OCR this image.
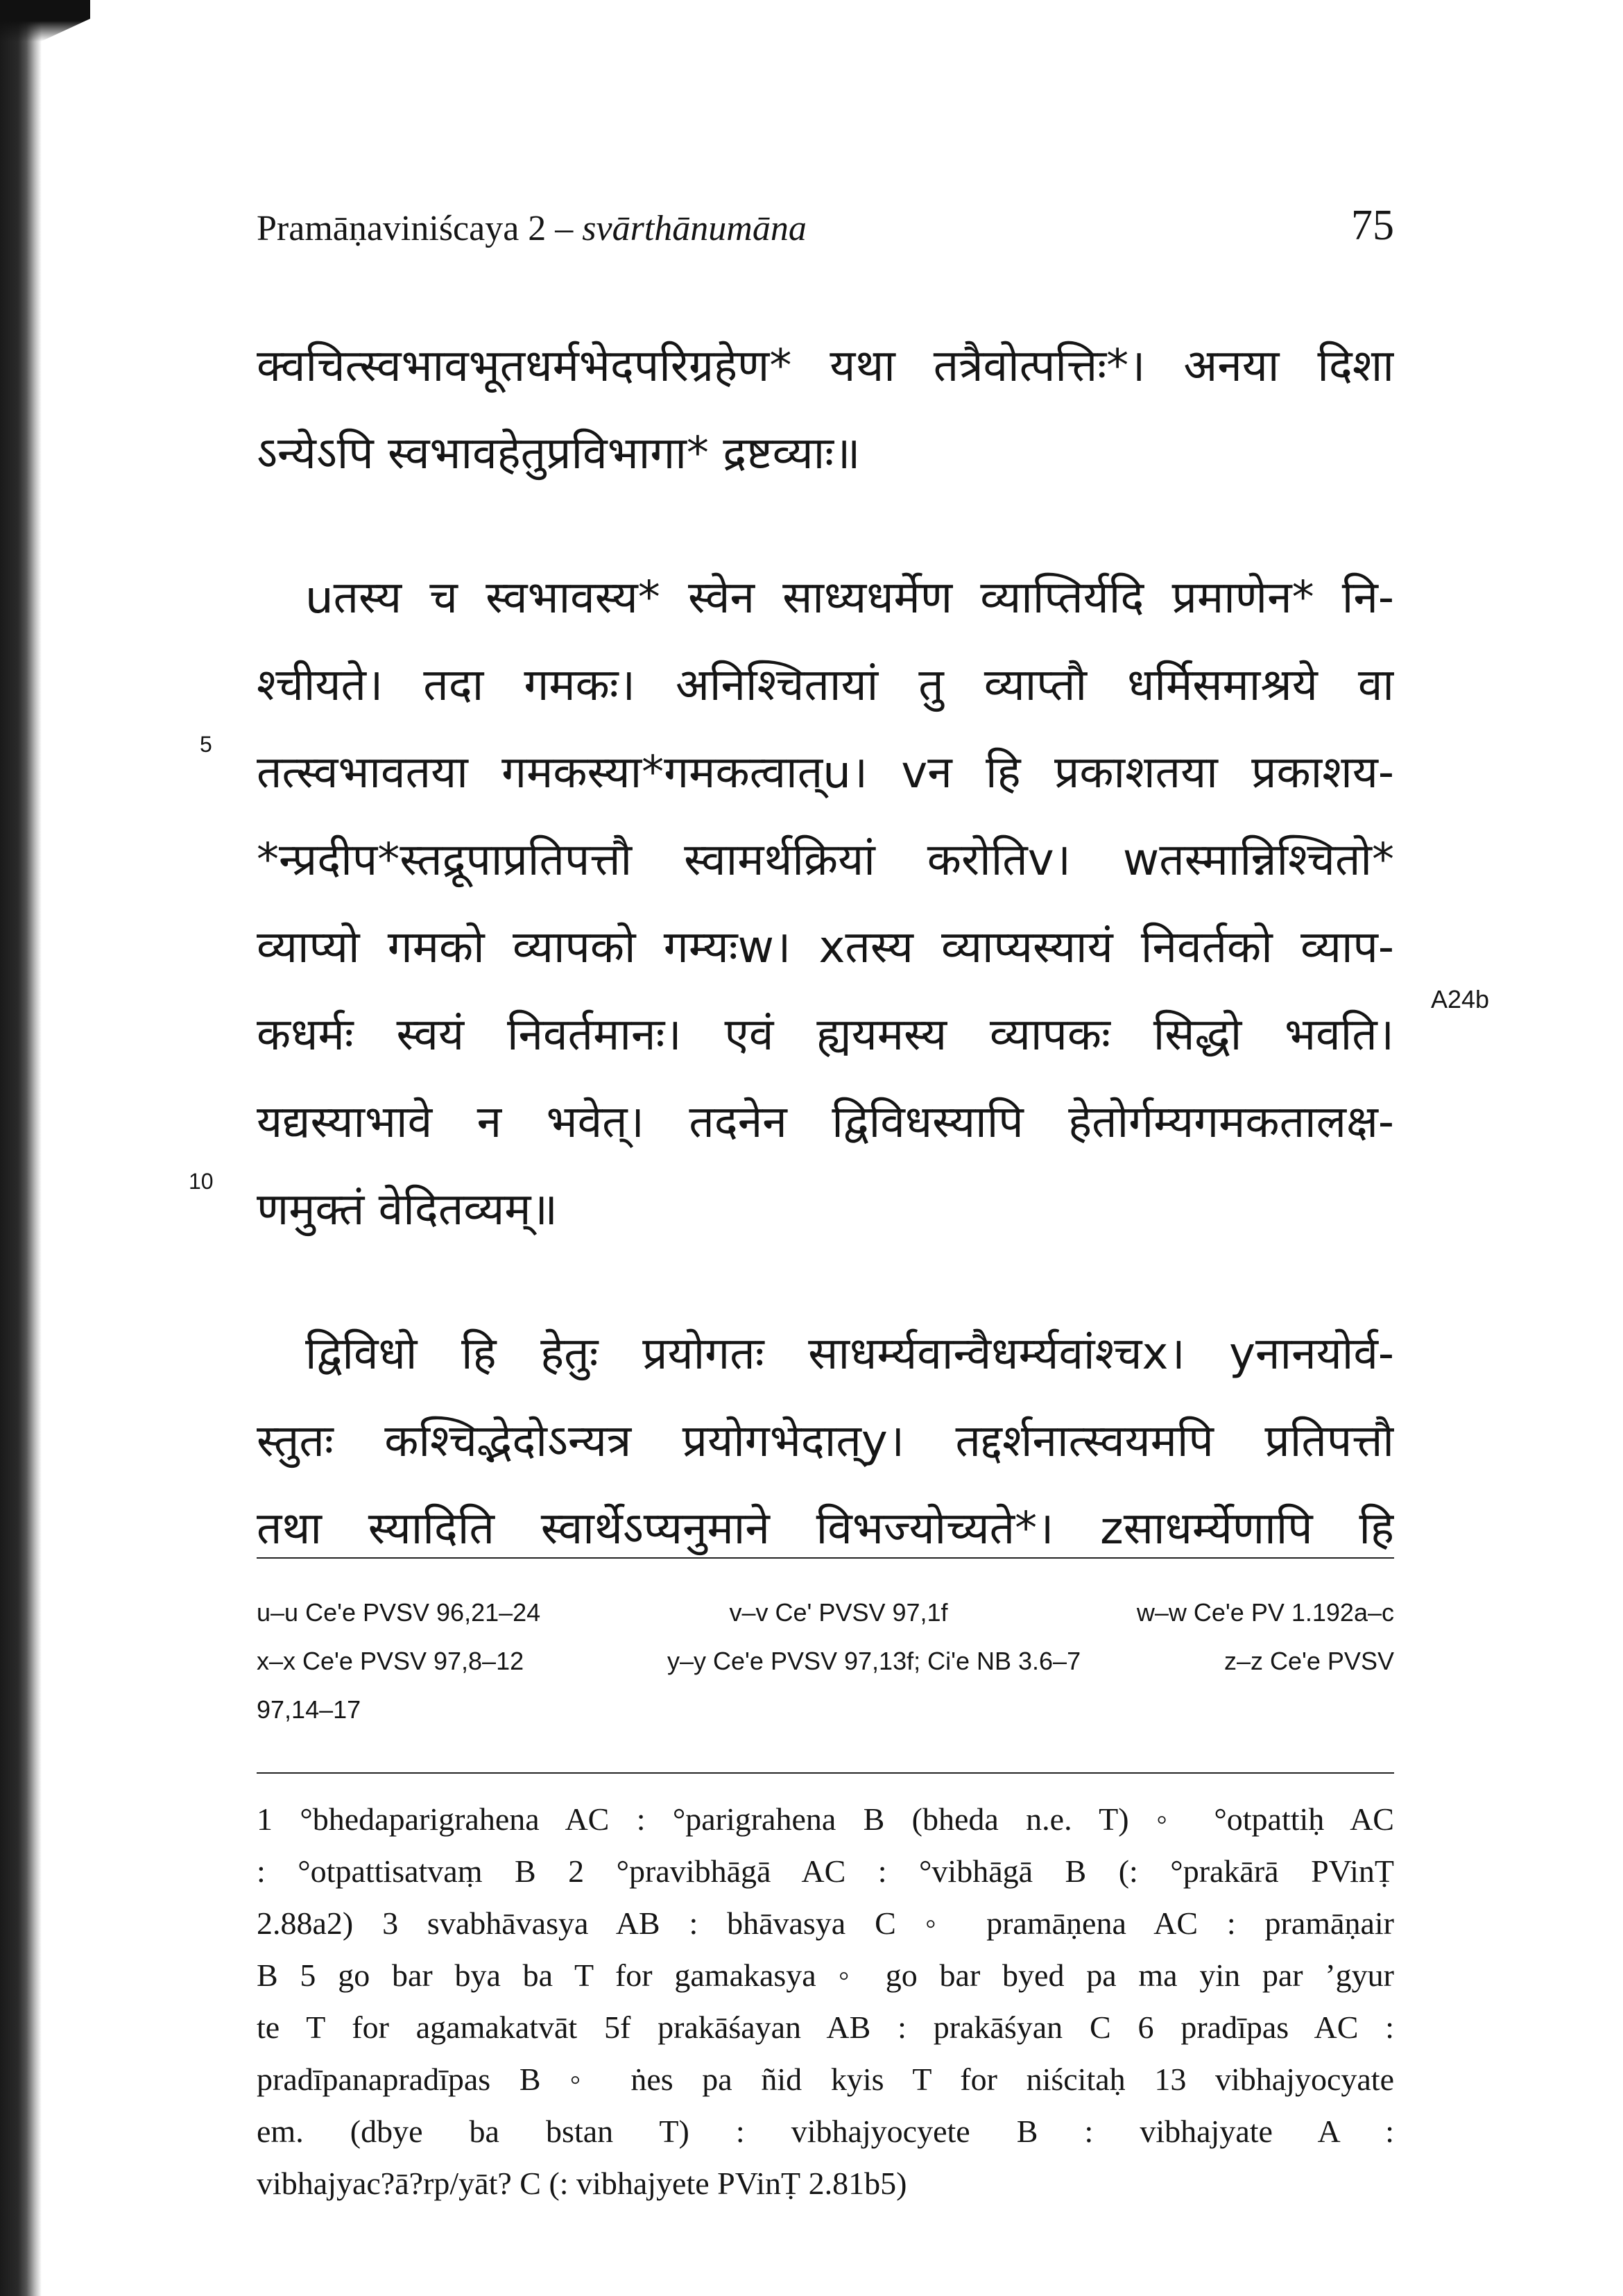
Pramāṇaviniścaya 2 – svārthānumāna	75
क्वचित्स्वभावभूतधर्मभेदपरिग्रहेण* यथा तत्रैवोत्पत्तिः*। अनया दिशा
ऽन्येऽपि स्वभावहेतुप्रविभागा* द्रष्टव्याः॥
uतस्य च स्वभावस्य* स्वेन साध्यधर्मेण व्याप्तिर्यदि प्रमाणेन* नि-
श्चीयते। तदा गमकः। अनिश्चितायां तु व्याप्तौ धर्मिसमाश्रये वा
तत्स्वभावतया गमकस्या*गमकत्वात्u। vन हि प्रकाशतया प्रकाशय-
*न्प्रदीप*स्तद्रूपाप्रतिपत्तौ स्वामर्थक्रियां करोतिv। wतस्मान्निश्चितो*
व्याप्यो गमको व्यापको गम्यःw। xतस्य व्याप्यस्यायं निवर्तको व्याप-
कधर्मः स्वयं निवर्तमानः। एवं ह्ययमस्य व्यापकः सिद्धो भवति।
यद्यस्याभावे न भवेत्। तदनेन द्विविधस्यापि हेतोर्गम्यगमकतालक्ष-
णमुक्तं वेदितव्यम्॥
द्विविधो हि हेतुः प्रयोगतः साधर्म्यवान्वैधर्म्यवांश्चx। yनानयोर्व-
स्तुतः कश्चिद्भेदोऽन्यत्र प्रयोगभेदात्y। तद्दर्शनात्स्वयमपि प्रतिपत्तौ
तथा स्यादिति स्वार्थेऽप्यनुमाने विभज्योच्यते*। zसाधर्म्येणापि हि
5
10
A24b
u–u Ce'e PVSV 96,21–24	v–v Ce' PVSV 97,1f	w–w Ce'e PV 1.192a–c
x–x Ce'e PVSV 97,8–12	y–y Ce'e PVSV 97,13f; Ci'e NB 3.6–7	z–z Ce'e PVSV
97,14–17
1 °bhedaparigrahena AC : °parigrahena B (bheda n.e. T) ◦ °otpattiḥ AC
: °otpattisatvaṃ B 2 °pravibhāgā AC : °vibhāgā B (: °prakārā PVinṬ
2.88a2) 3 svabhāvasya AB : bhāvasya C ◦ pramāṇena AC : pramāṇair
B 5 go bar bya ba T for gamakasya ◦ go bar byed pa ma yin par ’gyur
te T for agamakatvāt 5f prakāśayan AB : prakāśyan C 6 pradīpas AC :
pradīpanapradīpas B ◦ ṅes pa ñid kyis T for niścitaḥ 13 vibhajyocyate
em. (dbye ba bstan T) : vibhajyocyete B : vibhajyate A :
vibhajyac?ā?rp/yāt? C (: vibhajyete PVinṬ 2.81b5)
